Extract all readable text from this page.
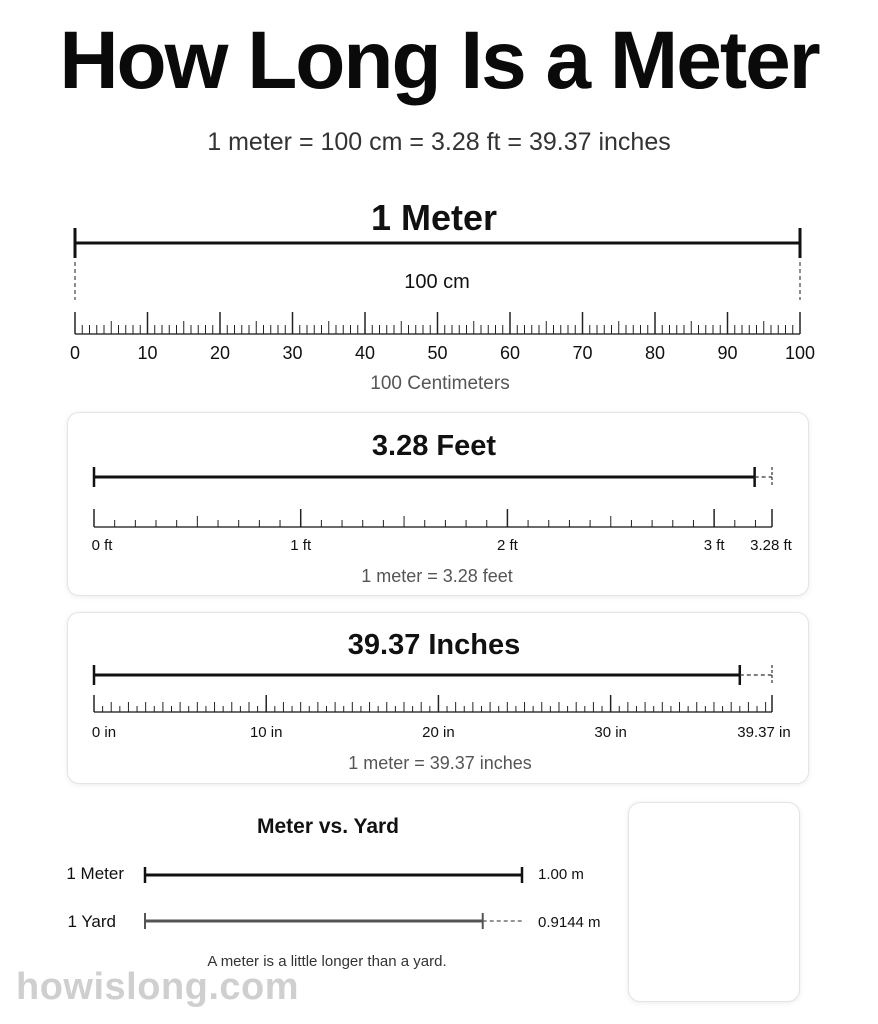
How Long Is a Meter
1 meter = 100 cm = 3.28 ft = 39.37 inches
1 Meter
100 cm
0	10	20	30	40	50	60	70	80	90	100
100 Centimeters
3.28 Feet
0 ft	1 ft	2 ft	3 ft 3.28 ft
1 meter = 3.28 feet
39.37 Inches
0 in	10 in	20 in	30 in	39.37 in
1 meter = 39.37 inches
Meter vs. Yard
1 Meter
1 Yard
1.00 m
0.9144 m
A meter is a little longer than a yard.
howislong.com
